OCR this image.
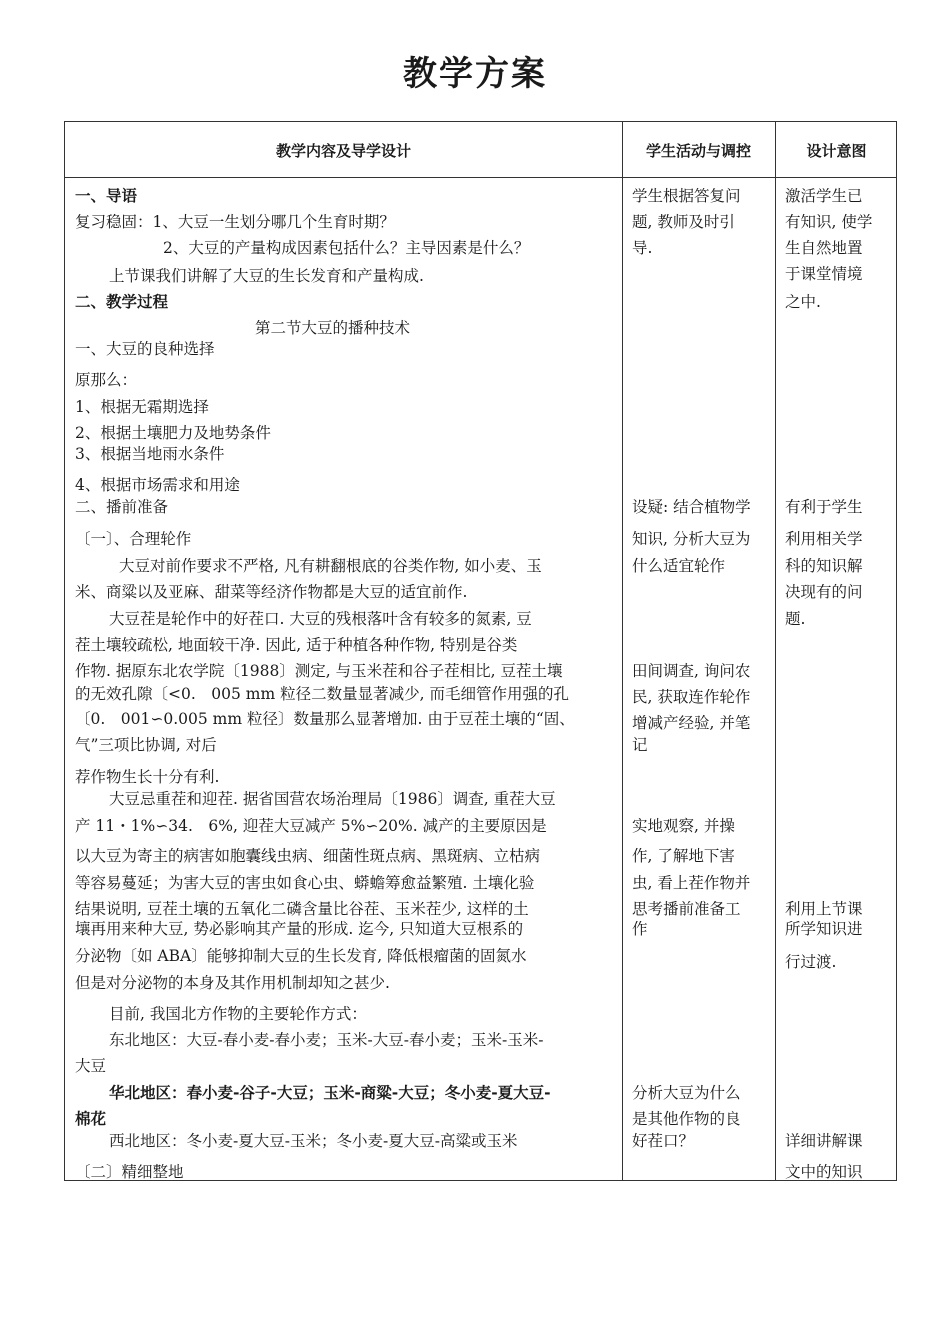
教学方案
教学内容及导学设计	学生活动与调控	设计意图
一、导语
复习稳固：1、大豆一生划分哪几个生育时期？
2、大豆的产量构成因素包括什么？主导因素是什么？
上节课我们讲解了大豆的生长发育和产量构成.
二、教学过程
第二节大豆的播种技术
一、大豆的良种选择
原那么：
1、根据无霜期选择
2、根据土壤肥力及地势条件
3、根据当地雨水条件
4、根据市场需求和用途
二、播前准备
〔一〕、合理轮作
大豆对前作要求不严格, 凡有耕翻根底的谷类作物, 如小麦、玉
米、商粱以及亚麻、甜菜等经济作物都是大豆的适宜前作.
大豆茬是轮作中的好茬口. 大豆的残根落叶含有较多的氮素, 豆
茬土壤较疏松, 地面较干净. 因此, 适于种植各种作物, 特别是谷类
作物. 据原东北农学院〔1988〕测定, 与玉米茬和谷子茬相比, 豆茬土壤
的无效孔隙〔<0.　005 mm 粒径二数量显著减少, 而毛细管作用强的孔
〔0.　001∽0.005 mm 粒径〕数量那么显著增加. 由于豆茬土壤的“固、
气”三项比协调, 对后
荐作物生长十分有利.
大豆忌重茬和迎茬. 据省国营农场治理局〔1986〕调查, 重茬大豆
产 11・1%∽34.　6%, 迎茬大豆减产 5%∽20%. 减产的主要原因是
以大豆为寄主的病害如胞囊线虫病、细菌性斑点病、黑斑病、立枯病
等容易蔓延；为害大豆的害虫如食心虫、蟒蟾筹愈益繁殖. 土壤化验
结果说明, 豆茬土壤的五氧化二磷含量比谷茬、玉米茬少, 这样的土
壤再用来种大豆, 势必影响其产量的形成. 迄今, 只知道大豆根系的
分泌物〔如 ABA〕能够抑制大豆的生长发育, 降低根瘤菌的固氮水
但是对分泌物的本身及其作用机制却知之甚少.
目前, 我国北方作物的主要轮作方式：
东北地区：大豆-春小麦-春小麦；玉米-大豆-春小麦；玉米-玉米-
大豆
华北地区：春小麦-谷子-大豆；玉米-商粱-大豆；冬小麦-夏大豆-
棉花
西北地区：冬小麦-夏大豆-玉米；冬小麦-夏大豆-高粱或玉米
〔二〕精细整地
学生根据答复问
题, 教师及时引
导.
设疑: 结合植物学
知识, 分析大豆为
什么适宜轮作
田间调查, 询问农
民, 获取连作轮作
增减产经验, 并笔
记
实地观察, 并操
作, 了解地下害
虫, 看上茬作物并
思考播前准备工
作
分析大豆为什么
是其他作物的良
好茬口？
激活学生已
有知识, 使学
生自然地置
于课堂情境
之中.
有利于学生
利用相关学
科的知识解
决现有的问
题.
利用上节课
所学知识进
行过渡.
详细讲解课
文中的知识
